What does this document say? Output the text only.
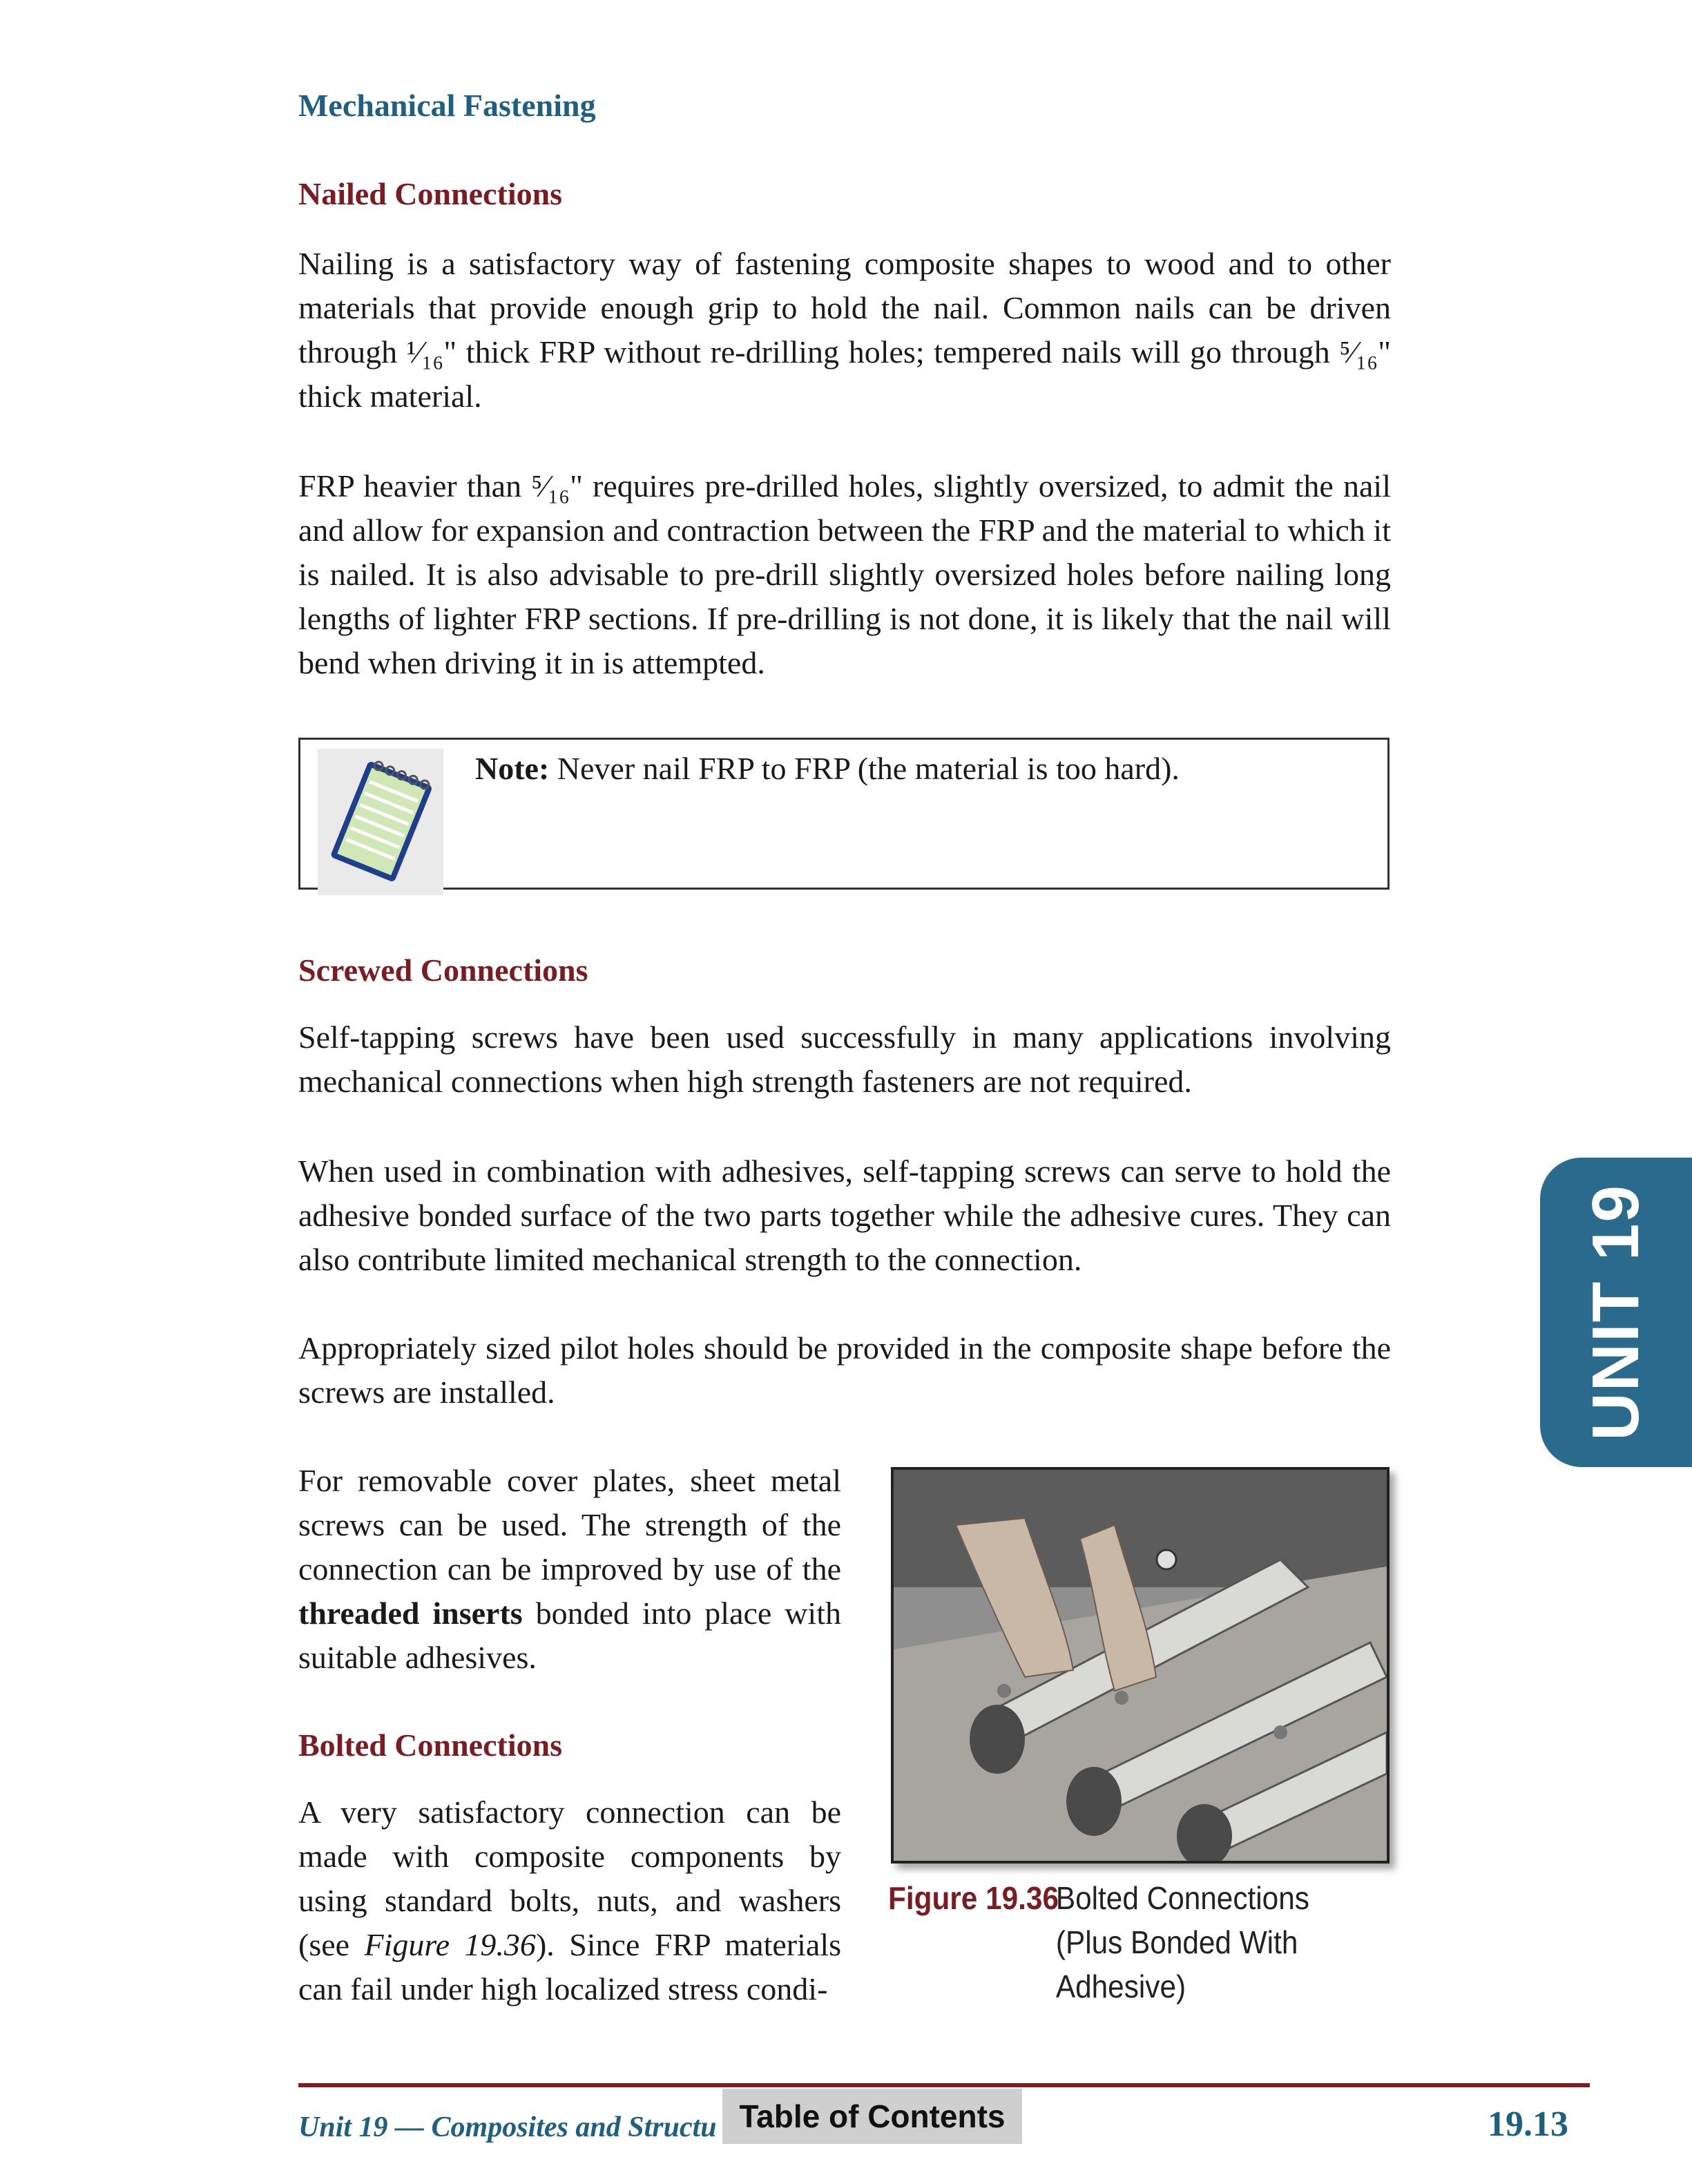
Mechanical Fastening
Nailed Connections

Nailing is a satisfactory way of fastening composite shapes to wood and to other materials that provide enough grip to hold the nail. Common nails can be driven through ¹⁄₁₆" thick FRP without re-drilling holes; tempered nails will go through ⁵⁄₁₆" thick material.

FRP heavier than ⁵⁄₁₆" requires pre-drilled holes, slightly oversized, to admit the nail and allow for expansion and contraction between the FRP and the material to which it is nailed. It is also advisable to pre-drill slightly oversized holes before nailing long lengths of lighter FRP sections. If pre-drilling is not done, it is likely that the nail will bend when driving it in is attempted.

Note: Never nail FRP to FRP (the material is too hard).
Screwed Connections

Self-tapping screws have been used successfully in many applications involving mechanical connections when high strength fasteners are not required.

When used in combination with adhesives, self-tapping screws can serve to hold the adhesive bonded surface of the two parts together while the adhesive cures. They can also contribute limited mechanical strength to the connection.

Appropriately sized pilot holes should be provided in the composite shape before the screws are installed.

For removable cover plates, sheet metal screws can be used. The strength of the connection can be improved by use of the threaded inserts bonded into place with suitable adhesives.

Bolted Connections

A very satisfactory connection can be made with composite components by using standard bolts, nuts, and washers (see Figure 19.36). Since FRP materials can fail under high localized stress condi-

Figure 19.36
Bolted Connections
(Plus Bonded With
Adhesive)
UNIT 19
Unit 19 — Composites and Structu Table of Contents	19.13
